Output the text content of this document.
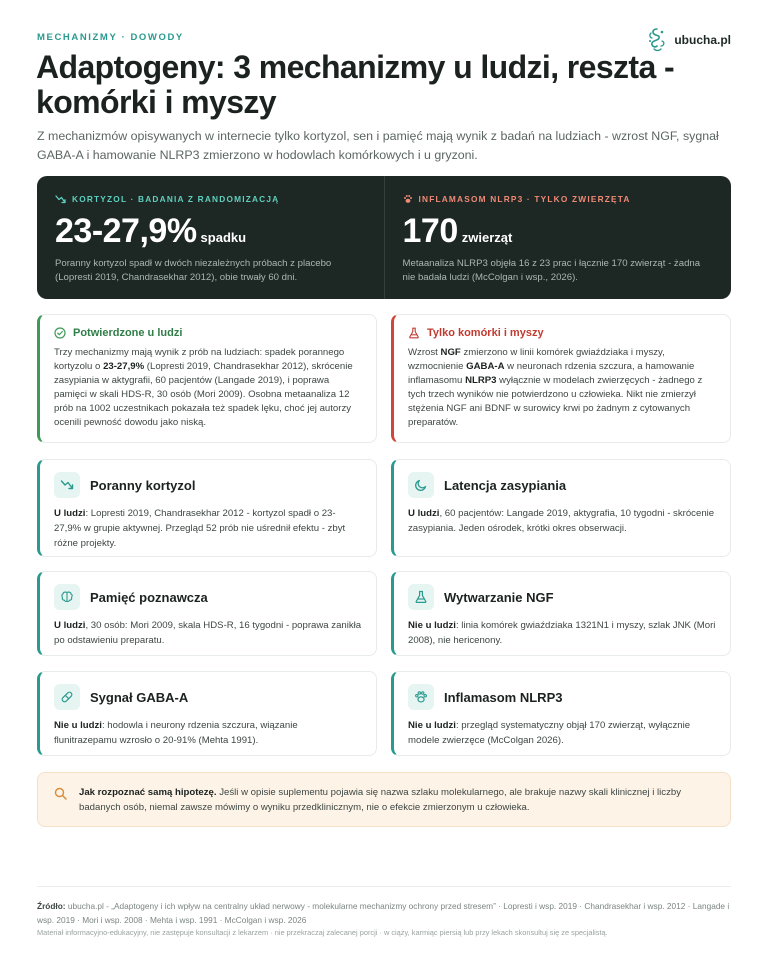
MECHANIZMY · DOWODY	ubucha.pl
Adaptogeny: 3 mechanizmy u ludzi, reszta - komórki i myszy

Z mechanizmów opisywanych w internecie tylko kortyzol, sen i pamięć mają wynik z badań na ludziach - wzrost NGF, sygnał GABA-A i hamowanie NLRP3 zmierzono w hodowlach komórkowych i u gryzoni.

KORTYZOL · BADANIA Z RANDOMIZACJĄ
23-27,9% spadku

Poranny kortyzol spadł w dwóch niezależnych próbach z placebo (Lopresti 2019, Chandrasekhar 2012), obie trwały 60 dni.

INFLAMASOM NLRP3 · TYLKO ZWIERZĘTA
170 zwierząt

Metaanaliza NLRP3 objęła 16 z 23 prac i łącznie 170 zwierząt - żadna nie badała ludzi (McColgan i wsp., 2026).

Potwierdzone u ludzi

Trzy mechanizmy mają wynik z prób na ludziach: spadek porannego kortyzolu o 23-27,9% (Lopresti 2019, Chandrasekhar 2012), skrócenie zasypiania w aktygrafii, 60 pacjentów (Langade 2019), i poprawa pamięci w skali HDS-R, 30 osób (Mori 2009). Osobna metaanaliza 12 prób na 1002 uczestnikach pokazała też spadek lęku, choć jej autorzy ocenili pewność dowodu jako niską.

Tylko komórki i myszy

Wzrost NGF zmierzono w linii komórek gwiaździaka i myszy, wzmocnienie GABA-A w neuronach rdzenia szczura, a hamowanie inflamasomu NLRP3 wyłącznie w modelach zwierzęcych - żadnego z tych trzech wyników nie potwierdzono u człowieka. Nikt nie zmierzył stężenia NGF ani BDNF w surowicy krwi po żadnym z cytowanych preparatów.

Poranny kortyzol

U ludzi: Lopresti 2019, Chandrasekhar 2012 - kortyzol spadł o 23-27,9% w grupie aktywnej. Przegląd 52 prób nie uśrednił efektu - zbyt różne projekty.

Latencja zasypiania

U ludzi, 60 pacjentów: Langade 2019, aktygrafia, 10 tygodni - skrócenie zasypiania. Jeden ośrodek, krótki okres obserwacji.

Pamięć poznawcza

U ludzi, 30 osób: Mori 2009, skala HDS-R, 16 tygodni - poprawa zanikła po odstawieniu preparatu.

Wytwarzanie NGF

Nie u ludzi: linia komórek gwiaździaka 1321N1 i myszy, szlak JNK (Mori 2008), nie hericenony.

Sygnał GABA-A

Nie u ludzi: hodowla i neurony rdzenia szczura, wiązanie flunitrazepamu wzrosło o 20-91% (Mehta 1991).

Inflamasom NLRP3

Nie u ludzi: przegląd systematyczny objął 170 zwierząt, wyłącznie modele zwierzęce (McColgan 2026).

Jak rozpoznać samą hipotezę. Jeśli w opisie suplementu pojawia się nazwa szlaku molekularnego, ale brakuje nazwy skali klinicznej i liczby badanych osób, niemal zawsze mówimy o wyniku przedklinicznym, nie o efekcie zmierzonym u człowieka.

Źródło: ubucha.pl - „Adaptogeny i ich wpływ na centralny układ nerwowy - molekularne mechanizmy ochrony przed stresem” · Lopresti i wsp. 2019 · Chandrasekhar i wsp. 2012 · Langade i wsp. 2019 · Mori i wsp. 2008 · Mehta i wsp. 1991 · McColgan i wsp. 2026

Materiał informacyjno-edukacyjny, nie zastępuje konsultacji z lekarzem · nie przekraczaj zalecanej porcji · w ciąży, karmiąc piersią lub przy lekach skonsultuj się ze specjalistą.
